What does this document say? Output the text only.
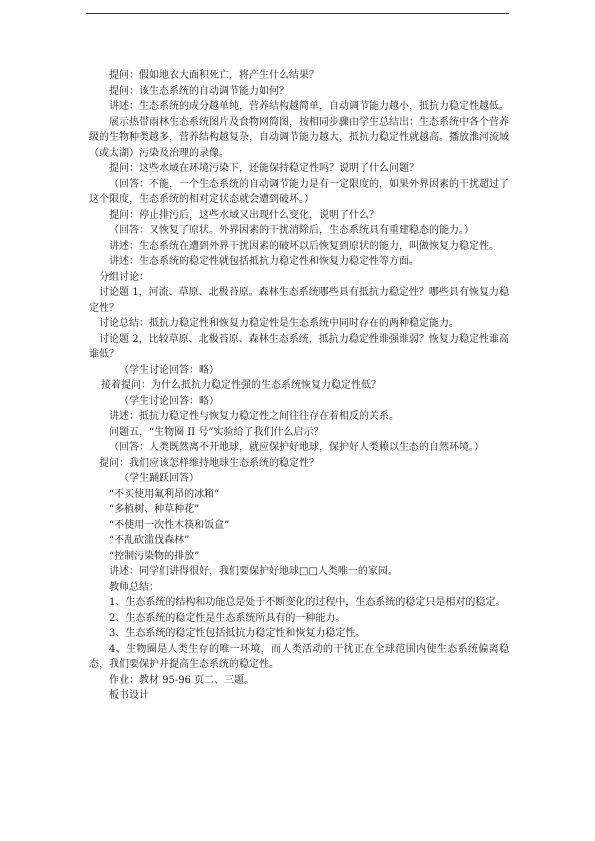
提问：假如地衣大面积死亡，将产生什么结果？

提问：该生态系统的自动调节能力如何？

讲述：生态系统的成分越单纯，营养结构越简单，自动调节能力越小，抵抗力稳定性越低。

展示热带雨林生态系统图片及食物网简图，按相同步骤由学生总结出：生态系统中各个营养级的生物种类越多，营养结构越复杂，自动调节能力越大，抵抗力稳定性就越高。播放淮河流域（或太湖）污染及治理的录像。

提问：这些水域在环境污染下，还能保持稳定性吗？说明了什么问题？

（回答：不能，一个生态系统的自动调节能力是有一定限度的，如果外界因素的干扰超过了这个限度，生态系统的相对定状态就会遭到破坏。）

提问：停止排污后，这些水域又出现什么变化，说明了什么？

（回答：又恢复了原状。外界因素的干扰消除后，生态系统具有重建稳态的能力。）

讲述：生态系统在遭到外界干扰因素的破坏以后恢复到原状的能力，叫做恢复力稳定性。

讲述：生态系统的稳定性就包括抵抗力稳定性和恢复力稳定性等方面。

分组讨论：

讨论题 1，河流、草原、北极苔原。森林生态系统哪些具有抵抗力稳定性？哪些具有恢复力稳定性？

讨论总结：抵抗力稳定性和恢复力稳定性是生态系统中同时存在的两种稳定能力。

讨论题 2，比较草原、北极苔原、森林生态系统，抵抗力稳定性谁强谁弱？恢复力稳定性谁高谁低？

（学生讨论回答：略）

接着提问：为什么抵抗力稳定性强的生态系统恢复力稳定性低？

（学生讨论回答：略）

讲述：抵抗力稳定性与恢复力稳定性之间往往存在着相反的关系。

问题五，“生物圈 II 号”实验给了我们什么启示？

（回答：人类既然离不开地球，就应保护好地球，保护好人类赖以生态的自然环境。）

提问：我们应该怎样维持地球生态系统的稳定性？

（学生踊跃回答）

“不买使用氟利昂的冰箱”

“多植树、种草种花”

“不使用一次性木筷和饭盒”

“不乱砍滥伐森林”

“控制污染物的排放”

讲述：同学们讲得很好，我们要保护好地球□□人类唯一的家园。

教师总结：

1、生态系统的结构和功能总是处于不断变化的过程中，生态系统的稳定只是相对的稳定。

2、生态系统的稳定性是生态系统所具有的一种能力。

3、生态系统的稳定性包括抵抗力稳定性和恢复力稳定性。

4、生物圈是人类生存的唯一环境，而人类活动的干扰正在全球范围内使生态系统偏离稳态，我们要保护并提高生态系统的稳定性。

作业：教材 95-96 页二、三题。

板书设计
